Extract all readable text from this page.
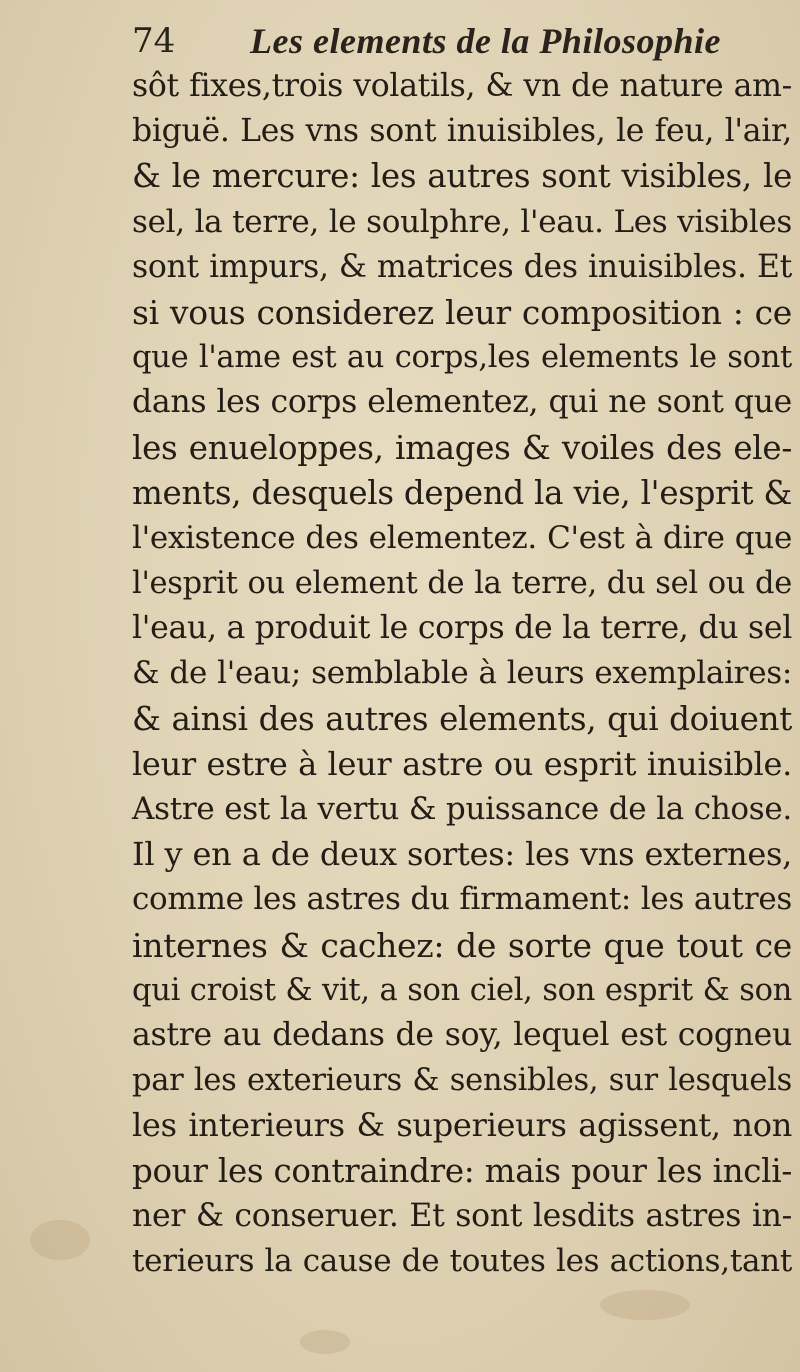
74 Les elements de la Philosophie
sôt fixes,trois volatils, & vn de nature am-
biguë. Les vns sont inuisibles, le feu, l'air,
& le mercure: les autres sont visibles, le
sel, la terre, le soulphre, l'eau. Les visibles
sont impurs, & matrices des inuisibles. Et
si vous considerez leur composition : ce
que l'ame est au corps,les elements le sont
dans les corps elementez, qui ne sont que
les enueloppes, images & voiles des ele-
ments, desquels depend la vie, l'esprit &
l'existence des elementez. C'est à dire que
l'esprit ou element de la terre, du sel ou de
l'eau, a produit le corps de la terre, du sel
& de l'eau; semblable à leurs exemplaires:
& ainsi des autres elements, qui doiuent
leur estre à leur astre ou esprit inuisible.
Astre est la vertu & puissance de la chose.
Il y en a de deux sortes: les vns externes,
comme les astres du firmament: les autres
internes & cachez: de sorte que tout ce
qui croist & vit, a son ciel, son esprit & son
astre au dedans de soy, lequel est cogneu
par les exterieurs & sensibles, sur lesquels
les interieurs & superieurs agissent, non
pour les contraindre: mais pour les incli-
ner & conseruer. Et sont lesdits astres in-
terieurs la cause de toutes les actions,tant
